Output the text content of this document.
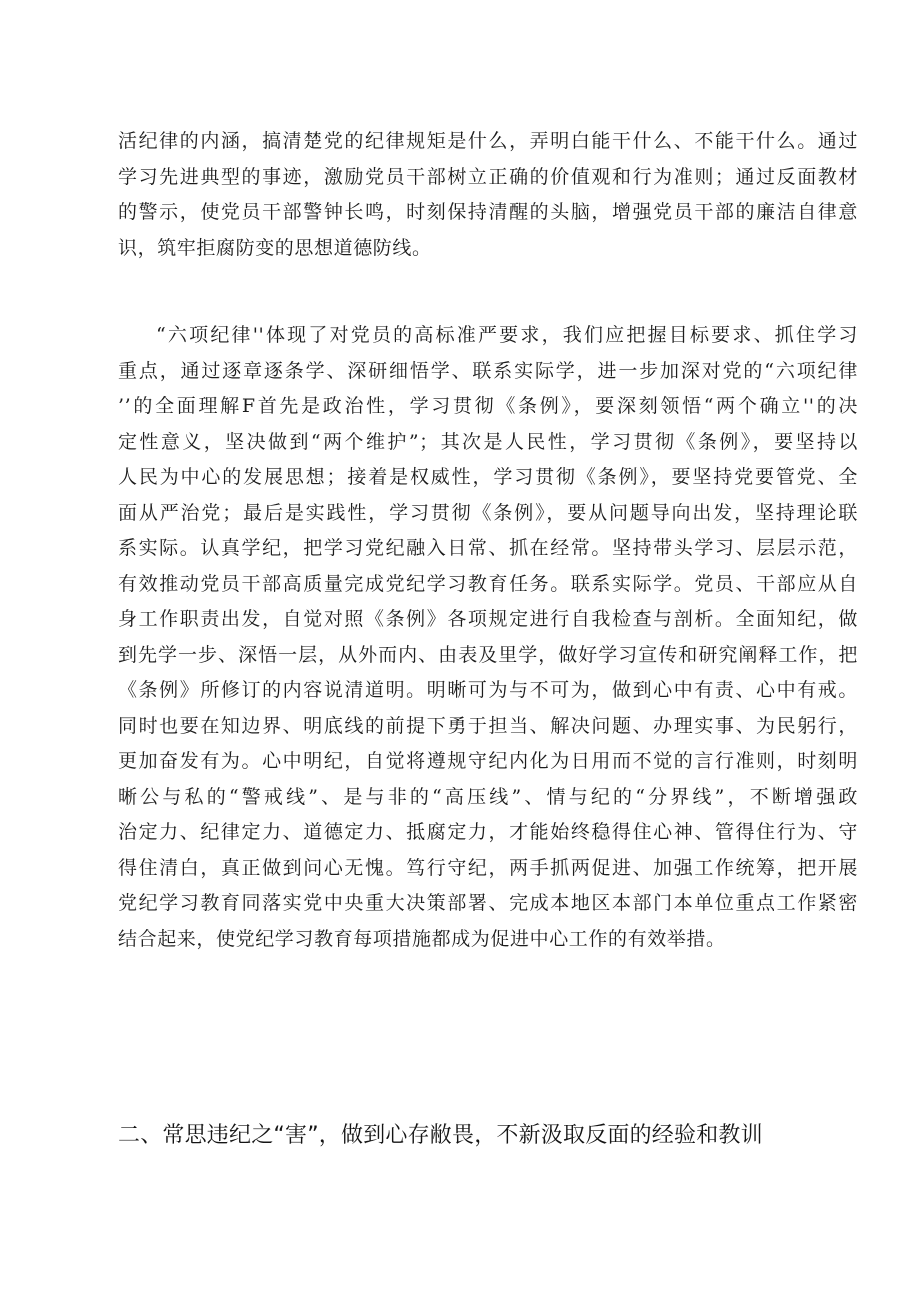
活纪律的内涵，搞清楚党的纪律规矩是什么，弄明白能干什么、不能干什么。通过
学习先进典型的事迹，激励党员干部树立正确的价值观和行为准则；通过反面教材
的警示，使党员干部警钟长鸣，时刻保持清醒的头脑，增强党员干部的廉洁自律意
识，筑牢拒腐防变的思想道德防线。
“六项纪律''体现了对党员的高标准严要求，我们应把握目标要求、抓住学习
重点，通过逐章逐条学、深研细悟学、联系实际学，进一步加深对党的“六项纪律
’’的全面理解F首先是政治性，学习贯彻《条例》，要深刻领悟“两个确立''的决
定性意义，坚决做到“两个维护”；其次是人民性，学习贯彻《条例》，要坚持以
人民为中心的发展思想；接着是权威性，学习贯彻《条例》，要坚持党要管党、全
面从严治党；最后是实践性，学习贯彻《条例》，要从问题导向出发，坚持理论联
系实际。认真学纪，把学习党纪融入日常、抓在经常。坚持带头学习、层层示范，
有效推动党员干部高质量完成党纪学习教育任务。联系实际学。党员、干部应从自
身工作职责出发，自觉对照《条例》各项规定进行自我检查与剖析。全面知纪，做
到先学一步、深悟一层，从外而内、由表及里学，做好学习宣传和研究阐释工作，把
《条例》所修订的内容说清道明。明晰可为与不可为，做到心中有责、心中有戒。
同时也要在知边界、明底线的前提下勇于担当、解决问题、办理实事、为民躬行，
更加奋发有为。心中明纪，自觉将遵规守纪内化为日用而不觉的言行准则，时刻明
晰公与私的“警戒线”、是与非的“高压线”、情与纪的“分界线”，不断增强政
治定力、纪律定力、道德定力、抵腐定力，才能始终稳得住心神、管得住行为、守
得住清白，真正做到问心无愧。笃行守纪，两手抓两促进、加强工作统筹，把开展
党纪学习教育同落实党中央重大决策部署、完成本地区本部门本单位重点工作紧密
结合起来，使党纪学习教育每项措施都成为促进中心工作的有效举措。
二、常思违纪之“害”，做到心存敝畏，不新汲取反面的经验和教训
